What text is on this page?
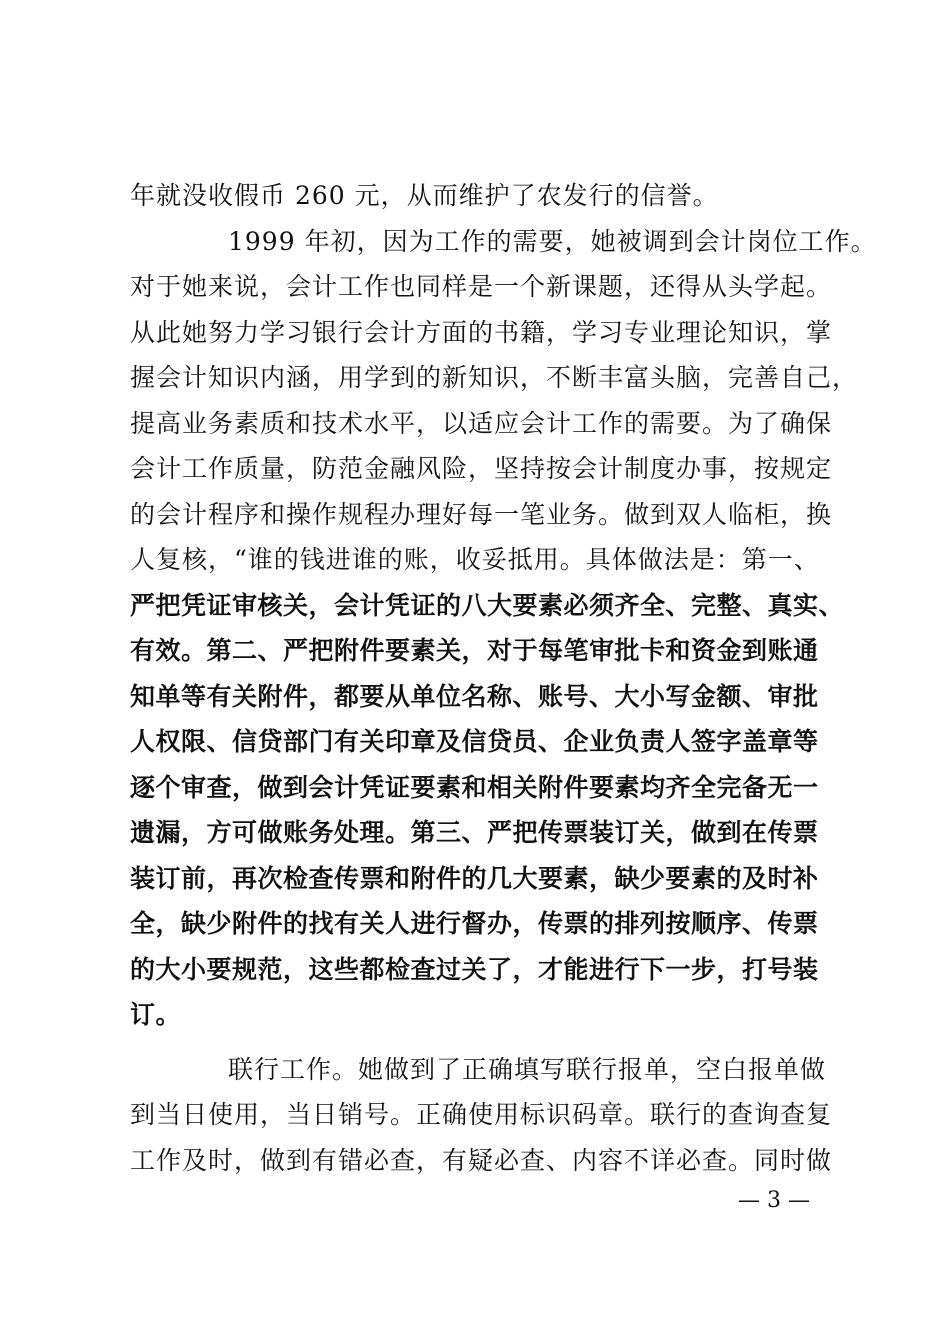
年就没收假币 260 元，从而维护了农发行的信誉。
1999 年初，因为工作的需要，她被调到会计岗位工作。
对于她来说，会计工作也同样是一个新课题，还得从头学起。
从此她努力学习银行会计方面的书籍，学习专业理论知识，掌
握会计知识内涵，用学到的新知识，不断丰富头脑，完善自己，
提高业务素质和技术水平，以适应会计工作的需要。为了确保
会计工作质量，防范金融风险，坚持按会计制度办事，按规定
的会计程序和操作规程办理好每一笔业务。做到双人临柜，换
人复核，“谁的钱进谁的账，收妥抵用。具体做法是：第一、
严把凭证审核关，会计凭证的八大要素必须齐全、完整、真实、
有效。第二、严把附件要素关，对于每笔审批卡和资金到账通
知单等有关附件，都要从单位名称、账号、大小写金额、审批
人权限、信贷部门有关印章及信贷员、企业负责人签字盖章等
逐个审查，做到会计凭证要素和相关附件要素均齐全完备无一
遗漏，方可做账务处理。第三、严把传票装订关，做到在传票
装订前，再次检查传票和附件的几大要素，缺少要素的及时补
全，缺少附件的找有关人进行督办，传票的排列按顺序、传票
的大小要规范，这些都检查过关了，才能进行下一步，打号装
订。
联行工作。她做到了正确填写联行报单，空白报单做
到当日使用，当日销号。正确使用标识码章。联行的查询查复
工作及时，做到有错必查，有疑必查、内容不详必查。同时做
— 3 —
